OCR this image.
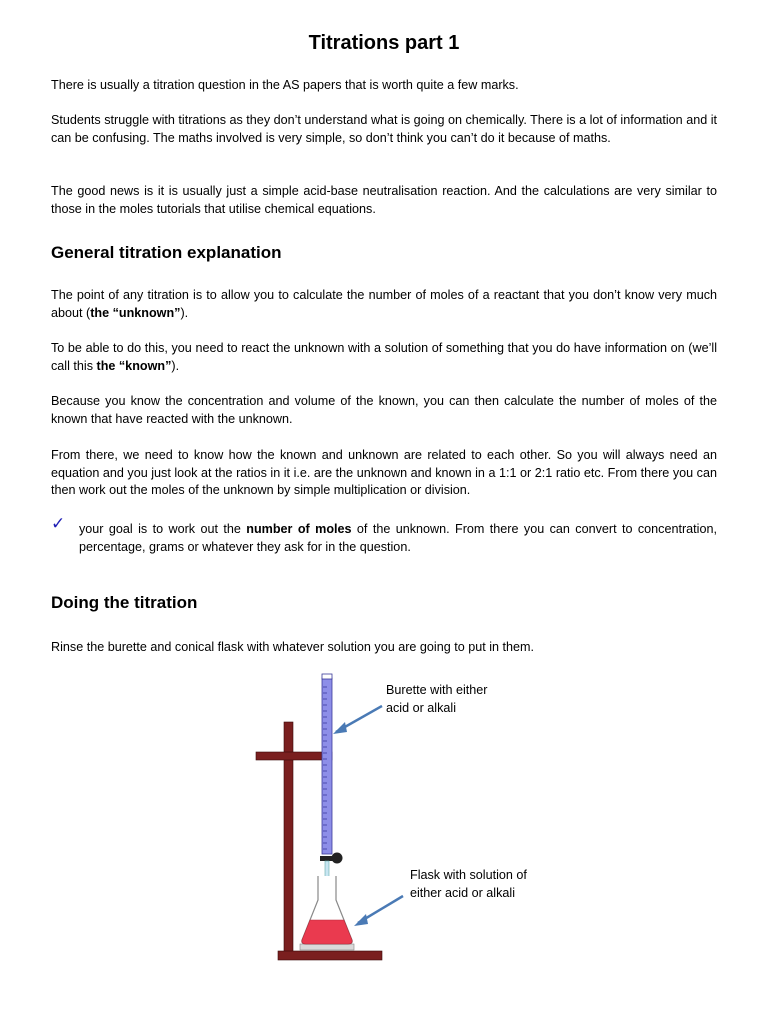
Titrations part 1

There is usually a titration question in the AS papers that is worth quite a few marks.

Students struggle with titrations as they don’t understand what is going on chemically. There is a lot of information and it can be confusing. The maths involved is very simple, so don’t think you can’t do it because of maths.

The good news is it is usually just a simple acid-base neutralisation reaction. And the calculations are very similar to those in the moles tutorials that utilise chemical equations.

General titration explanation

The point of any titration is to allow you to calculate the number of moles of a reactant that you don’t know very much about (the “unknown”).

To be able to do this, you need to react the unknown with a solution of something that you do have information on (we’ll call this the “known”).

Because you know the concentration and volume of the known, you can then calculate the number of moles of the known that have reacted with the unknown.

From there, we need to know how the known and unknown are related to each other. So you will always need an equation and you just look at the ratios in it i.e. are the unknown and known in a 1:1 or 2:1 ratio etc. From there you can then work out the moles of the unknown by simple multiplication or division.

✓ your goal is to work out the number of moles of the unknown. From there you can convert to concentration, percentage, grams or whatever they ask for in the question.

Doing the titration

Rinse the burette and conical flask with whatever solution you are going to put in them.

Burette with either
acid or alkali
Flask with solution of
either acid or alkali
